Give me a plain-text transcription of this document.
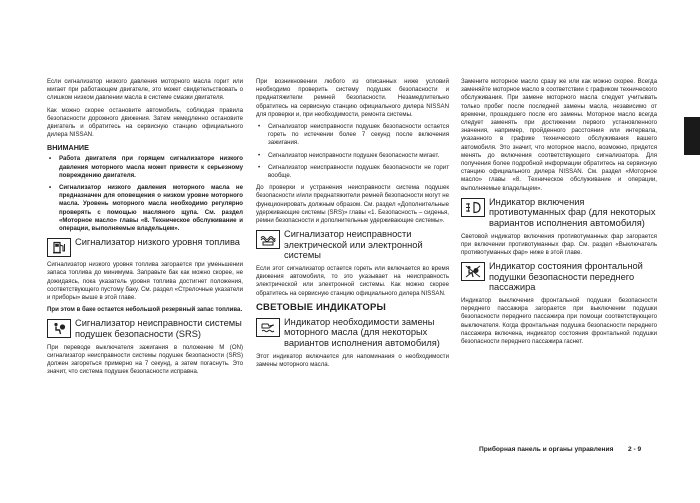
Если сигнализатор низкого давления моторного масла горит или мигает при работающем двигателе, это может свидетельствовать о слишком низком давлении масла в системе смазки двигателя.

Как можно скорее остановите автомобиль, соблюдая правила безопасности дорожного движения. Затем немедленно остановите двигатель и обратитесь на сервисную станцию официального дилера NISSAN.

ВНИМАНИЕ
• Работа двигателя при горящем сигнализаторе низкого давления моторного масла может привести к серьезному повреждению двигателя.
• Сигнализатор низкого давления моторного масла не предназначен для оповещения о низком уровне моторного масла. Уровень моторного масла необходимо регулярно проверять с помощью масляного щупа. См. раздел «Моторное масло» главы «8. Техническое обслуживание и операции, выполняемые владельцем».
Сигнализатор низкого уровня топлива

Сигнализатор низкого уровня топлива загорается при уменьшении запаса топлива до минимума. Заправьте бак как можно скорее, не дожидаясь, пока указатель уровня топлива достигнет положения, соответствующего пустому баку. См. раздел «Стрелочные указатели и приборы» выше в этой главе.

При этом в баке остается небольшой резервный запас топлива.

Сигнализатор неисправности системы подушек безопасности (SRS)

При переводе выключателя зажигания в положение M (ON) сигнализатор неисправности системы подушек безопасности (SRS) должен загореться примерно на 7 секунд, а затем погаснуть. Это значит, что система подушек безопасности исправна.

При возникновении любого из описанных ниже условий необходимо проверить систему подушек безопасности и преднатяжители ремней безопасности. Незамедлительно обратитесь на сервисную станцию официального дилера NISSAN для проверки и, при необходимости, ремонта системы.

• Сигнализатор неисправности подушек безопасности остается гореть по истечении более 7 секунд после включения зажигания.
• Сигнализатор неисправности подушек безопасности мигает.
• Сигнализатор неисправности подушек безопасности не горит вообще.

До проверки и устранения неисправности система подушек безопасности и/или преднатяжители ремней безопасности могут не функционировать должным образом. См. раздел «Дополнительные удерживающие системы (SRS)» главы «1. Безопасность – сиденья, ремни безопасности и дополнительные удерживающие системы».

Сигнализатор неисправности электрической или электронной системы

Если этот сигнализатор остается гореть или включается во время движения автомобиля, то это указывает на неисправность электрической или электронной системы. Как можно скорее обратитесь на сервисную станцию официального дилера NISSAN.

СВЕТОВЫЕ ИНДИКАТОРЫ
Индикатор необходимости замены моторного масла (для некоторых вариантов исполнения автомобиля)

Этот индикатор включается для напоминания о необходимости замены моторного масла.

Замените моторное масло сразу же или как можно скорее. Всегда заменяйте моторное масло в соответствии с графиком технического обслуживания. При замене моторного масла следует учитывать только пробег после последней замены масла, независимо от времени, прошедшего после его замены. Моторное масло всегда следует заменять при достижении первого установленного значения, например, пройденного расстояния или интервала, указанного в графике технического обслуживания вашего автомобиля. Это значит, что моторное масло, возможно, придется менять до включения соответствующего сигнализатора. Для получения более подробной информации обратитесь на сервисную станцию официального дилера NISSAN. См. раздел «Моторное масло» главы «8. Техническое обслуживание и операции, выполняемые владельцем».

Индикатор включения противотуманных фар (для некоторых вариантов исполнения автомобиля)

Световой индикатор включения противотуманных фар загорается при включении противотуманных фар. См. раздел «Выключатель противотуманных фар» ниже в этой главе.

Индикатор состояния фронтальной подушки безопасности переднего пассажира

Индикатор выключения фронтальной подушки безопасности переднего пассажира загорается при выключении подушки безопасности переднего пассажира при помощи соответствующего выключателя. Когда фронтальная подушка безопасности переднего пассажира включена, индикатор состояния фронтальной подушки безопасности переднего пассажира гаснет.

Приборная панель и органы управления 2 - 9
